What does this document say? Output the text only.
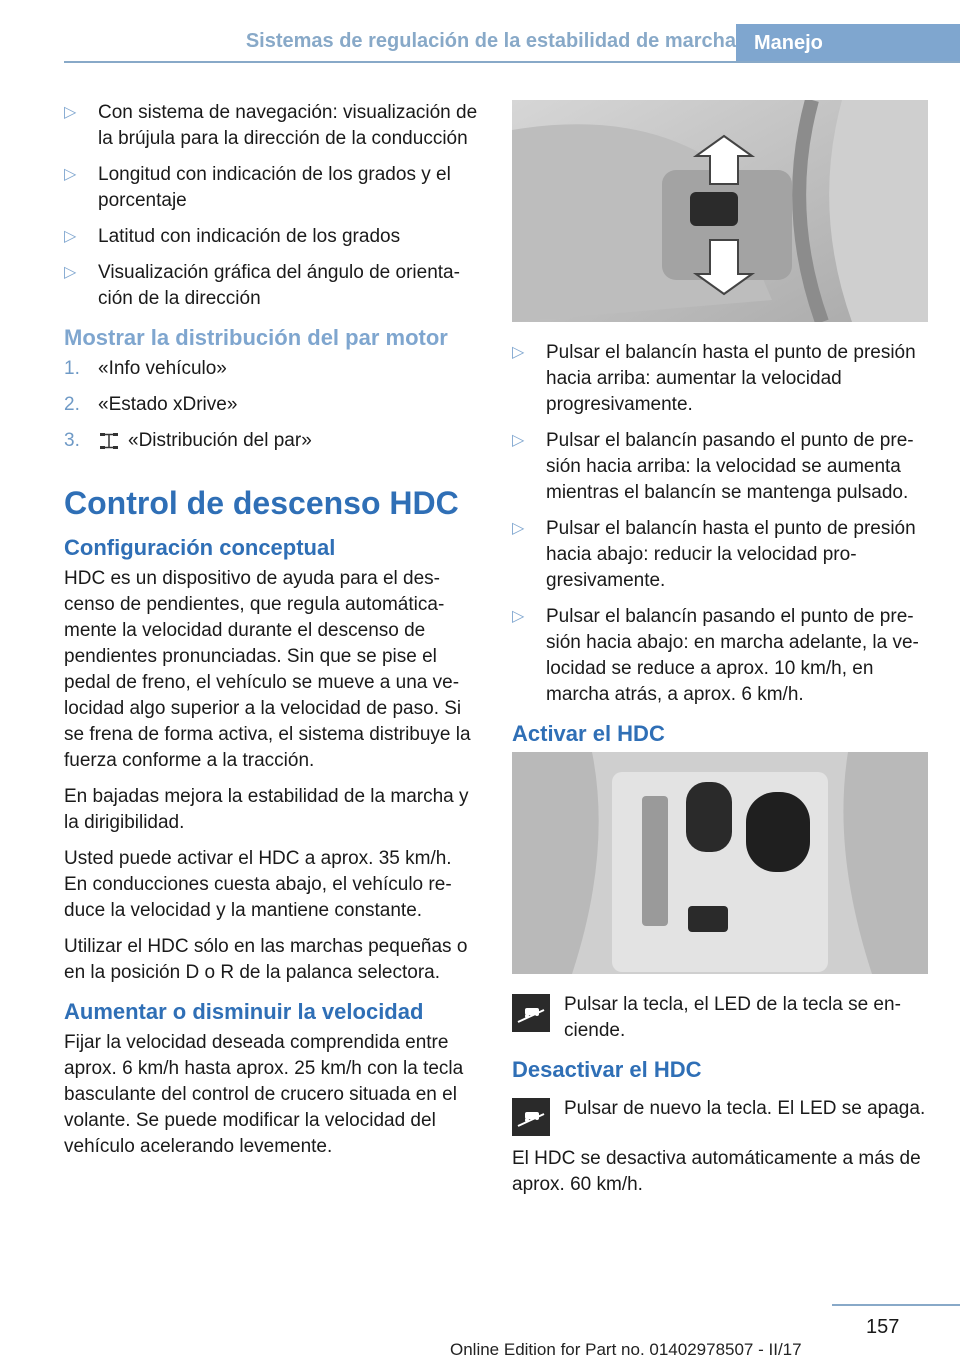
Sistemas de regulación de la estabilidad de marcha Manejo
▷ Con sistema de navegación: visualización de la brújula para la dirección de la conducción
▷ Longitud con indicación de los grados y el porcentaje
▷ Latitud con indicación de los grados
▷ Visualización gráfica del ángulo de orientación de la dirección
Mostrar la distribución del par motor
1. «Info vehículo»
2. «Estado xDrive»
3.	«Distribución del par»
Control de descenso HDC
Configuración conceptual

HDC es un dispositivo de ayuda para el descenso de pendientes, que regula automáticamente la velocidad durante el descenso de pendientes pronunciadas. Sin que se pise el pedal de freno, el vehículo se mueve a una velocidad algo superior a la velocidad de paso. Si se frena de forma activa, el sistema distribuye la fuerza conforme a la tracción.

En bajadas mejora la estabilidad de la marcha y la dirigibilidad.

Usted puede activar el HDC a aprox. 35 km/h. En conducciones cuesta abajo, el vehículo reduce la velocidad y la mantiene constante.

Utilizar el HDC sólo en las marchas pequeñas o en la posición D o R de la palanca selectora.

Aumentar o disminuir la velocidad

Fijar la velocidad deseada comprendida entre aprox. 6 km/h hasta aprox. 25 km/h con la tecla basculante del control de crucero situada en el volante. Se puede modificar la velocidad del vehículo acelerando levemente.

▷ Pulsar el balancín hasta el punto de presión hacia arriba: aumentar la velocidad progresivamente.
▷ Pulsar el balancín pasando el punto de presión hacia arriba: la velocidad se aumenta mientras el balancín se mantenga pulsado.
▷ Pulsar el balancín hasta el punto de presión hacia abajo: reducir la velocidad progresivamente.
▷ Pulsar el balancín pasando el punto de presión hacia abajo: en marcha adelante, la velocidad se reduce a aprox. 10 km/h, en marcha atrás, a aprox. 6 km/h.
Activar el HDC

Pulsar la tecla, el LED de la tecla se enciende.

Desactivar el HDC

Pulsar de nuevo la tecla. El LED se apaga.

El HDC se desactiva automáticamente a más de aprox. 60 km/h.

157
Online Edition for Part no. 01402978507 - II/17
